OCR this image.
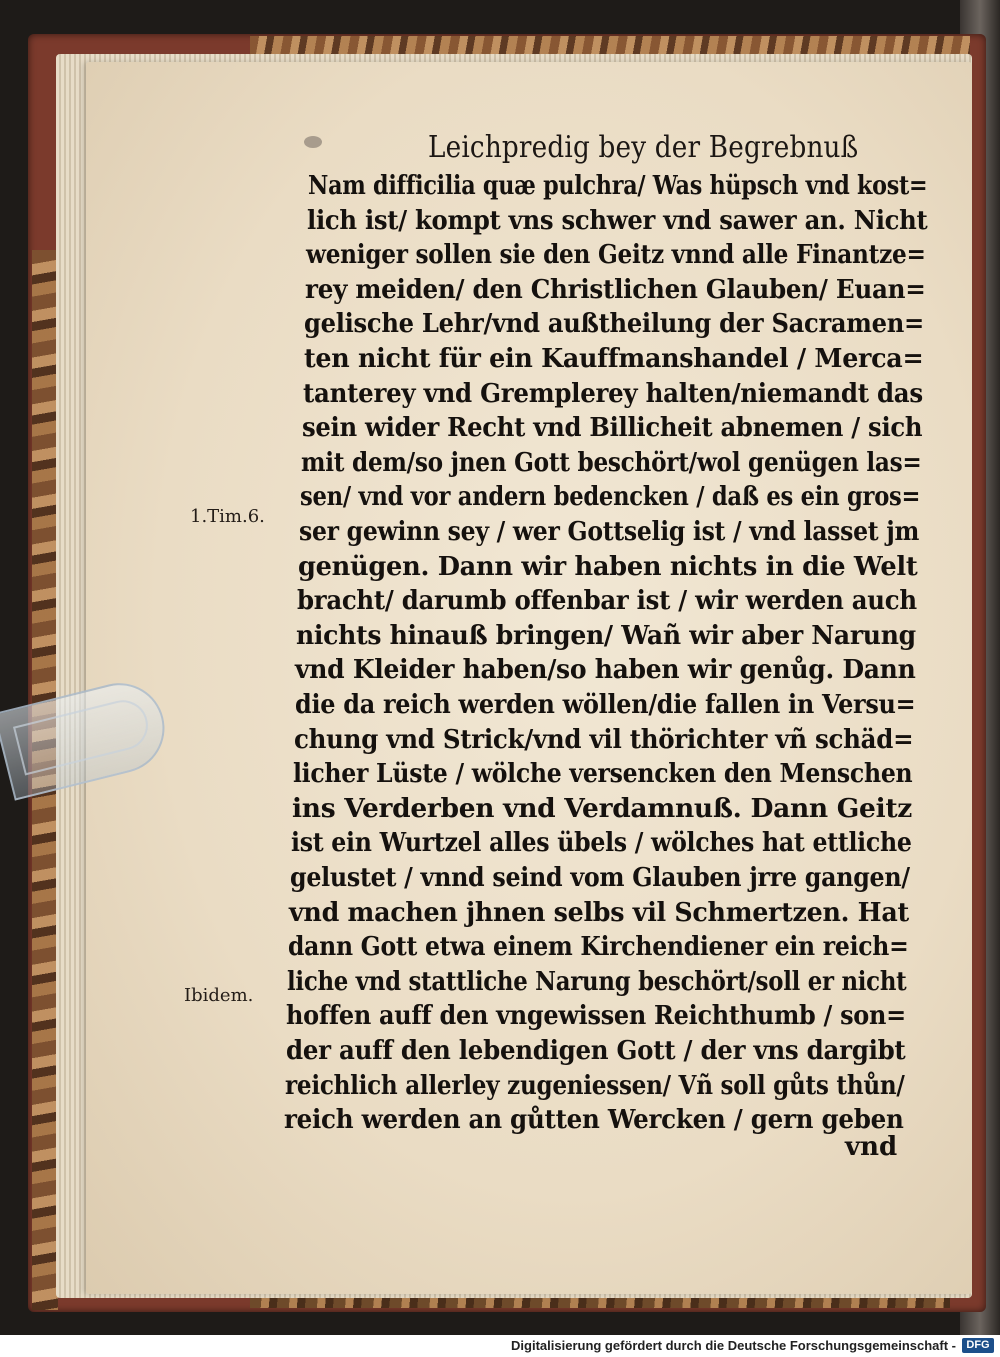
Leichpredig bey der Begrebnuß
Nam difficilia quæ pulchra/ Was hüpsch vnd kost=
lich ist/ kompt vns schwer vnd sawer an. Nicht
weniger sollen sie den Geitz vnnd alle Finantze=
rey meiden/ den Christlichen Glauben/ Euan=
gelische Lehr/vnd außtheilung der Sacramen=
ten nicht für ein Kauffmanshandel / Merca=
tanterey vnd Gremplerey halten/niemandt das
sein wider Recht vnd Billicheit abnemen / sich
mit dem/so jnen Gott beschört/wol genügen las=
sen/ vnd vor andern bedencken / daß es ein gros=
ser gewinn sey / wer Gottselig ist / vnd lasset jm
genügen. Dann wir haben nichts in die Welt
bracht/ darumb offenbar ist / wir werden auch
nichts hinauß bringen/ Wañ wir aber Narung
vnd Kleider haben/so haben wir genůg. Dann
die da reich werden wöllen/die fallen in Versu=
chung vnd Strick/vnd vil thörichter vñ schäd=
licher Lüste / wölche versencken den Menschen
ins Verderben vnd Verdamnuß. Dann Geitz
ist ein Wurtzel alles übels / wölches hat ettliche
gelustet / vnnd seind vom Glauben jrre gangen/
vnd machen jhnen selbs vil Schmertzen. Hat
dann Gott etwa einem Kirchendiener ein reich=
liche vnd stattliche Narung beschört/soll er nicht
hoffen auff den vngewissen Reichthumb / son=
der auff den lebendigen Gott / der vns dargibt
reichlich allerley zugeniessen/ Vñ soll gůts thůn/
reich werden an gůtten Wercken / gern geben
1.Tim.6.
Ibidem.
vnd
Digitalisierung gefördert durch die Deutsche Forschungsgemeinschaft - DFG
